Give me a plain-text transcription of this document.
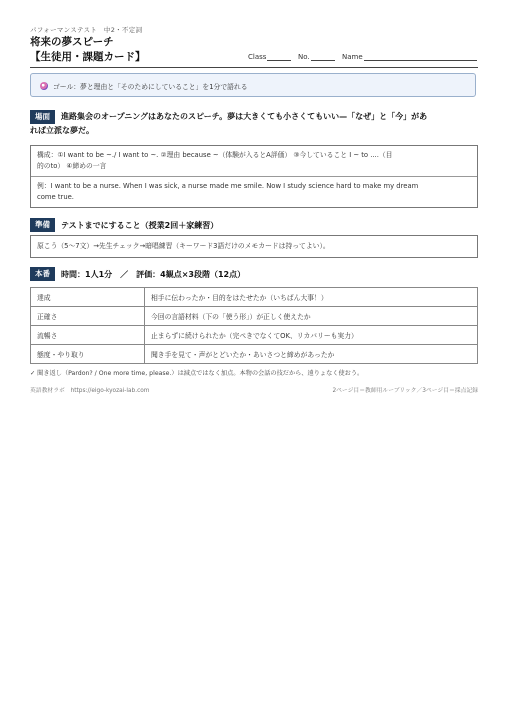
パフォーマンステスト　中2・不定詞
将来の夢スピーチ
【生徒用・課題カード】	Class	No.	Name
ゴール：夢と理由と「そのためにしていること」を1分で語れる
場面	進路集会のオープニングはあなたのスピーチ。夢は大きくても小さくてもいい—「なぜ」と「今」があ
れば立派な夢だ。
構成：①I want to be ~./ I want to ~. ②理由 because ~（体験が入るとA評価） ③今していること I ~ to ....（目
的のto） ④締めの一言
例：I want to be a nurse. When I was sick, a nurse made me smile. Now I study science hard to make my dream
come true.
準備	テストまでにすること（授業2回＋家練習）
原こう（5〜7文）→先生チェック→暗唱練習（キーワード3語だけのメモカードは持ってよい）。
本番	時間：1人1分　／　評価：4観点×3段階（12点）
達成	相手に伝わったか・目的をはたせたか（いちばん大事！）
正確さ	今回の言語材料（下の「使う形」）が正しく使えたか
流暢さ	止まらずに続けられたか（完ぺきでなくてOK、リカバリーも実力）
態度・やり取り	聞き手を見て・声がとどいたか・あいさつと締めがあったか
✓ 聞き返し（Pardon? / One more time, please.）は減点ではなく加点。本物の会話の技だから、遠りょなく使おう。
英語教材ラボ　https://eigo-kyozai-lab.com	2ページ目＝教師用ルーブリック／3ページ目＝採点記録
